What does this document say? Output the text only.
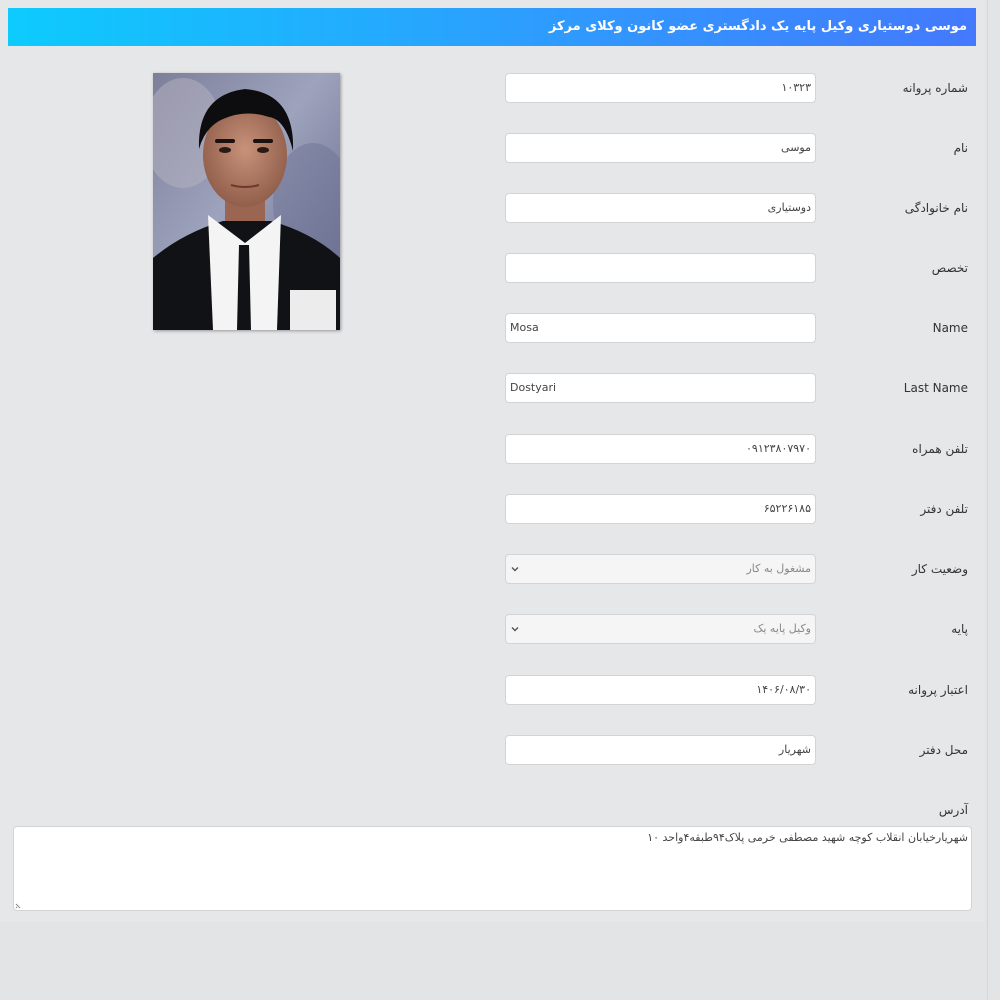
موسی دوستیاری وکیل پایه یک دادگستری عضو کانون وکلای مرکز
شماره پروانه
۱۰۳۲۳
نام
موسی
نام خانوادگی
دوستیاری
تخصص
Name
Mosa
Last Name
Dostyari
تلفن همراه
۰۹۱۲۳۸۰۷۹۷۰
تلفن دفتر
۶۵۲۲۶۱۸۵
وضعیت کار
مشغول به کار
پایه
وکیل پایه یک
اعتبار پروانه
۱۴۰۶/۰۸/۳۰
محل دفتر
شهریار
آدرس
شهریارخیابان انقلاب کوچه شهید مصطفی خرمی پلاک۹۴طبقه۴واحد ۱۰
